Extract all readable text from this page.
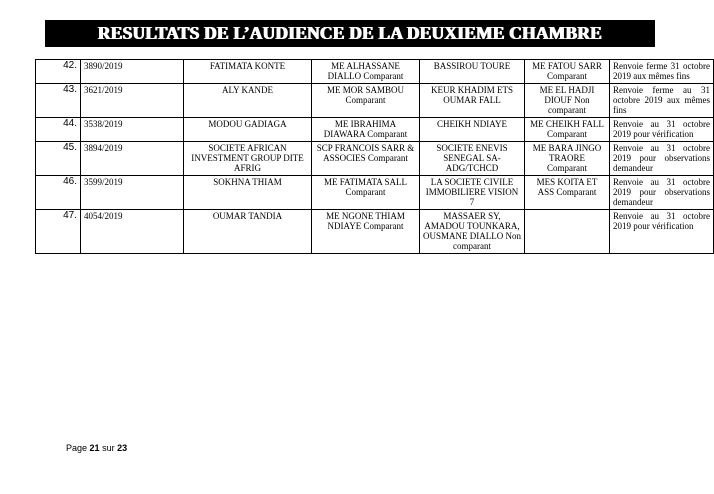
RESULTATS DE L’AUDIENCE DE LA DEUXIEME CHAMBRE
42.	3890/2019	FATIMATA KONTE	ME ALHASSANE DIALLO Comparant	BASSIROU TOURE	ME FATOU SARR Comparant	Renvoie ferme 31 octobre 2019 aux mêmes fins
43.	3621/2019	ALY KANDE	ME MOR SAMBOU Comparant	KEUR KHADIM ETS OUMAR FALL	ME EL HADJI DIOUF Non comparant	Renvoie ferme au 31 octobre 2019 aux mêmes fins
44.	3538/2019	MODOU GADIAGA	ME IBRAHIMA DIAWARA Comparant	CHEIKH NDIAYE	ME CHEIKH FALL Comparant	Renvoie au 31 octobre 2019 pour vérification
45.	3894/2019	SOCIETE AFRICAN INVESTMENT GROUP DITE AFRIG	SCP FRANCOIS SARR & ASSOCIES Comparant	SOCIETE ENEVIS SENEGAL SA-ADG/TCHCD	ME BARA JINGO TRAORE Comparant	Renvoie au 31 octobre 2019 pour observations demandeur
46.	3599/2019	SOKHNA THIAM	ME FATIMATA SALL Comparant	LA SOCIETE CIVILE IMMOBILIERE VISION 7	MES KOITA ET ASS Comparant	Renvoie au 31 octobre 2019 pour observations demandeur
47.	4054/2019	OUMAR TANDIA	ME NGONE THIAM NDIAYE Comparant	MASSAER SY, AMADOU TOUNKARA, OUSMANE DIALLO Non comparant		Renvoie au 31 octobre 2019 pour vérification
Page 21 sur 23
